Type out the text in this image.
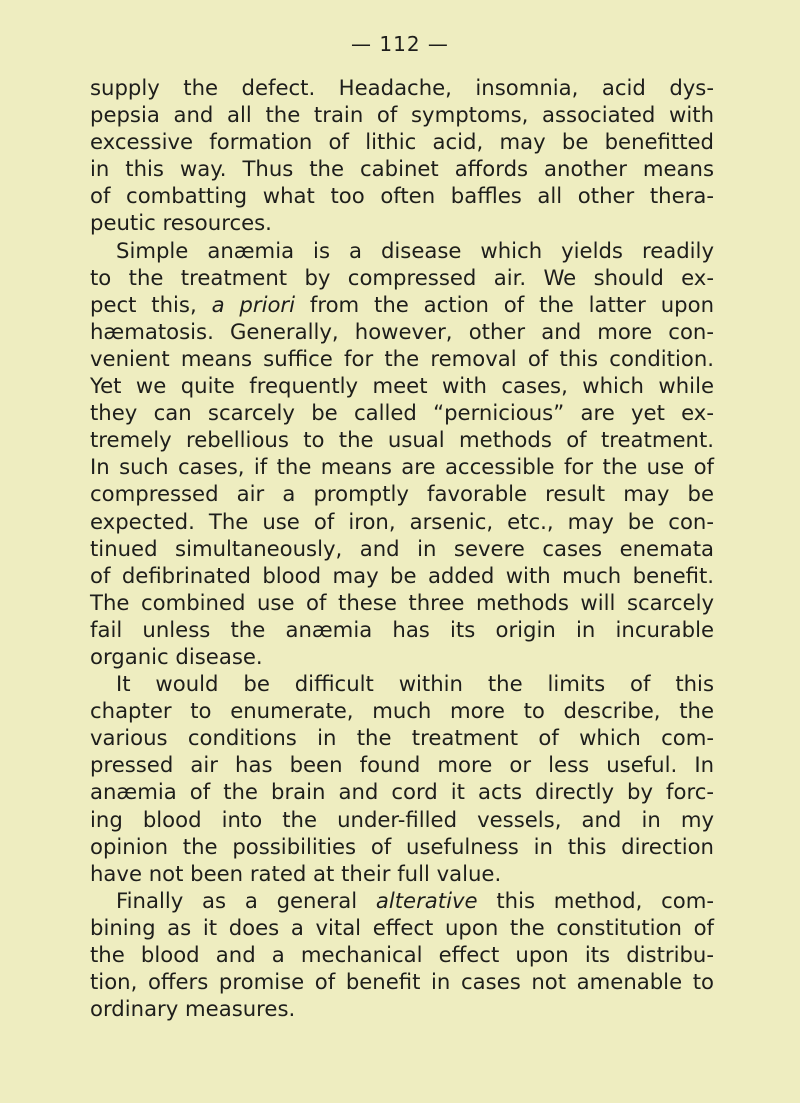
— 112 —
supply the defect. Headache, insomnia, acid dys-
pepsia and all the train of symptoms, associated with
excessive formation of lithic acid, may be benefitted
in this way. Thus the cabinet affords another means
of combatting what too often baffles all other thera-
peutic resources.
Simple anæmia is a disease which yields readily
to the treatment by compressed air. We should ex-
pect this, a priori from the action of the latter upon
hæmatosis. Generally, however, other and more con-
venient means suffice for the removal of this condition.
Yet we quite frequently meet with cases, which while
they can scarcely be called “pernicious” are yet ex-
tremely rebellious to the usual methods of treatment.
In such cases, if the means are accessible for the use of
compressed air a promptly favorable result may be
expected. The use of iron, arsenic, etc., may be con-
tinued simultaneously, and in severe cases enemata
of defibrinated blood may be added with much benefit.
The combined use of these three methods will scarcely
fail unless the anæmia has its origin in incurable
organic disease.
It would be difficult within the limits of this
chapter to enumerate, much more to describe, the
various conditions in the treatment of which com-
pressed air has been found more or less useful. In
anæmia of the brain and cord it acts directly by forc-
ing blood into the under-filled vessels, and in my
opinion the possibilities of usefulness in this direction
have not been rated at their full value.
Finally as a general alterative this method, com-
bining as it does a vital effect upon the constitution of
the blood and a mechanical effect upon its distribu-
tion, offers promise of benefit in cases not amenable to
ordinary measures.
